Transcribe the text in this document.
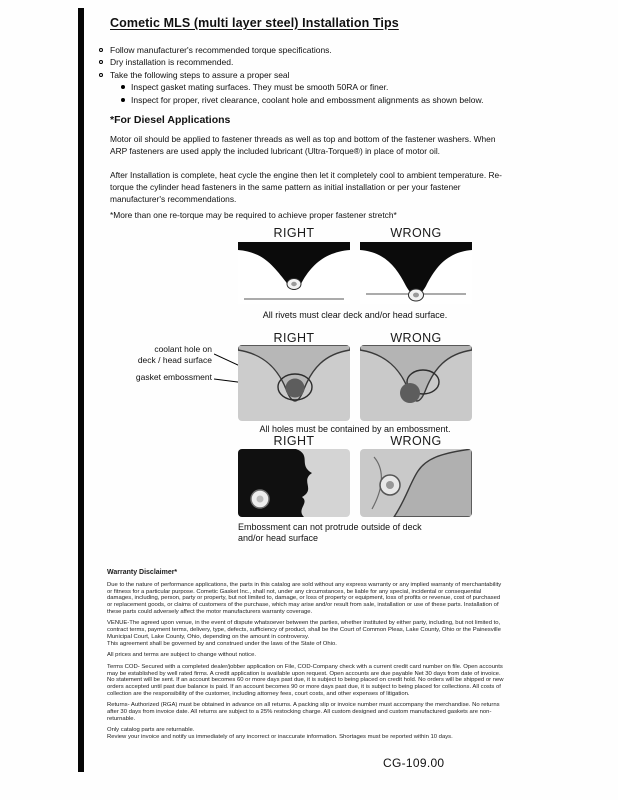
Cometic MLS (multi layer steel) Installation Tips
Follow manufacturer's recommended torque specifications.
Dry installation is recommended.
Take the following steps to assure a proper seal
Inspect gasket mating surfaces. They must be smooth 50RA or finer.
Inspect for proper, rivet clearance, coolant hole and embossment alignments as shown below.
*For Diesel Applications
Motor oil should be applied to fastener threads as well as top and bottom of the fastener washers. When ARP fasteners are used apply the included lubricant (Ultra-Torque®) in place of motor oil.
After Installation is complete, heat cycle the engine then let it completely cool to ambient temperature. Re-torque the cylinder head fasteners in the same pattern as initial installation or per your fastener manufacturer's recommendations.
*More than one re-torque may be required to achieve proper fastener stretch*
RIGHT	WRONG
All rivets must clear deck and/or head surface.
RIGHT	WRONG
coolant hole on
deck / head surface
gasket embossment
All holes must be contained by an embossment.
RIGHT	WRONG
Embossment can not protrude outside of deck
and/or head surface
Warranty Disclaimer*

Due to the nature of performance applications, the parts in this catalog are sold without any express warranty or any implied warranty of merchantability or fitness for a particular purpose. Cometic Gasket Inc., shall not, under any circumstances, be liable for any special, incidental or consequential damages, including, person, party or property, but not limited to, damage, or loss of property or equipment, loss of profits or revenue, cost of purchased or replacement goods, or claims of customers of the purchase, which may arise and/or result from sale, installation or use of these parts. Installation of these parts could adversely affect the motor manufacturers warranty coverage.

VENUE-The agreed upon venue, in the event of dispute whatsoever between the parties, whether instituted by either party, including, but not limited to, contract terms, payment terms, delivery, type, defects, sufficiency of product, shall be the Court of Common Pleas, Lake County, Ohio or the Painesville Municipal Court, Lake County, Ohio, depending on the amount in controversy.

This agreement shall be governed by and construed under the laws of the State of Ohio.

All prices and terms are subject to change without notice.

Terms COD- Secured with a completed dealer/jobber application on File, COD-Company check with a current credit card number on file. Open accounts may be established by well rated firms. A credit application is available upon request. Open accounts are due payable Net 30 days from date of invoice. No statement will be sent. If an account becomes 60 or more days past due, it is subject to being placed on credit hold. No orders will be shipped or new orders accepted until past due balance is paid. If an account becomes 90 or more days past due, it is subject to being placed for collections. All costs of collection are the responsibility of the customer, including attorney fees, court costs, and other expenses of litigation.

Returns- Authorized (RGA) must be obtained in advance on all returns. A packing slip or invoice number must accompany the merchandise. No returns after 30 days from invoice date. All returns are subject to a 25% restocking charge. All custom designed and custom manufactured gaskets are non-returnable.

Only catalog parts are returnable.

Review your invoice and notify us immediately of any incorrect or inaccurate information. Shortages must be reported within 10 days.

CG-109.00
